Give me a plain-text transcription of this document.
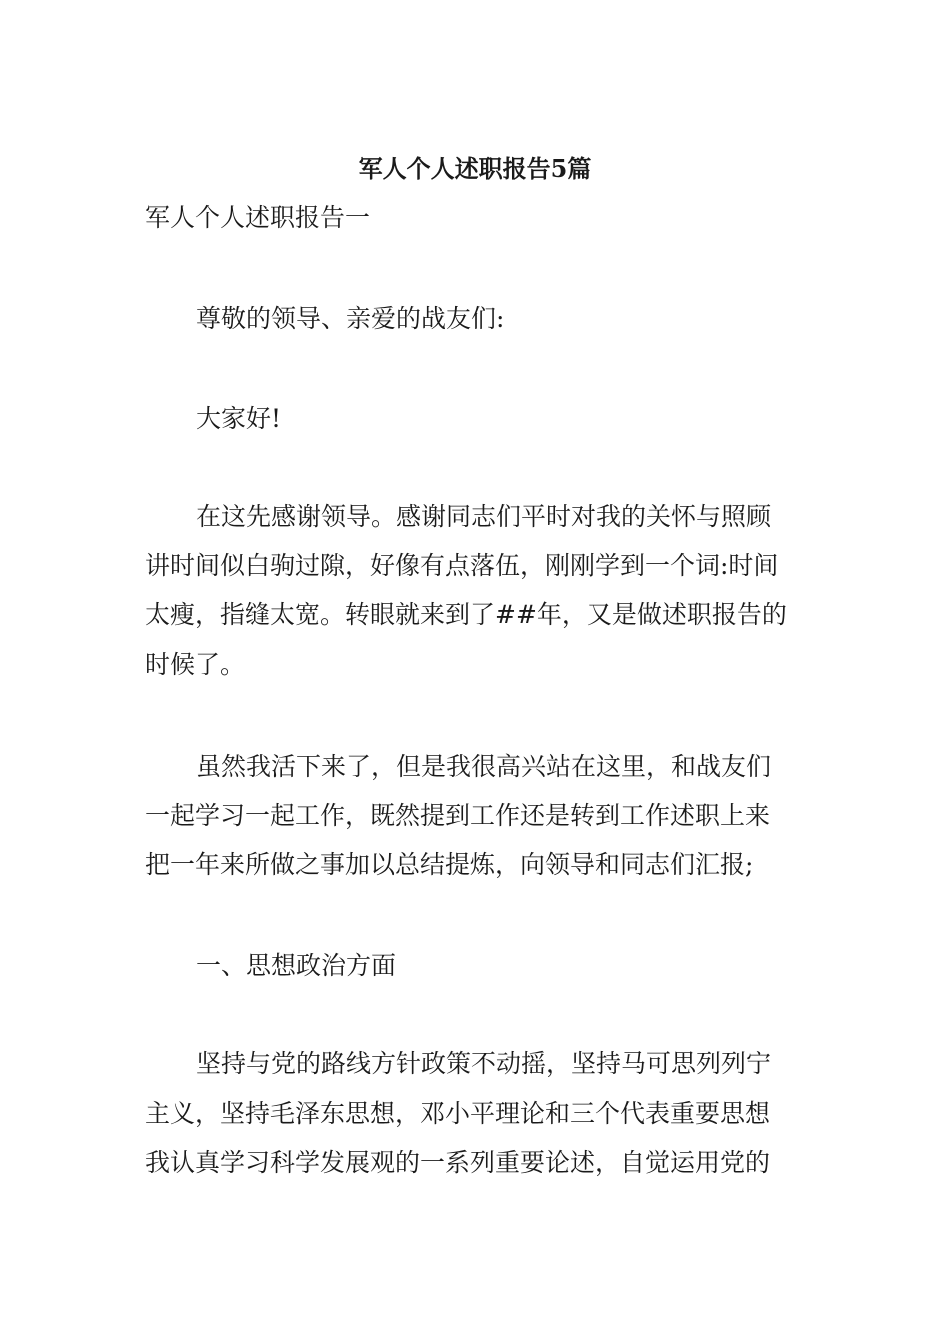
军人个人述职报告5篇

军人个人述职报告一

尊敬的领导、亲爱的战友们:

大家好!

在这先感谢领导。感谢同志们平时对我的关怀与照顾

讲时间似白驹过隙，好像有点落伍，刚刚学到一个词:时间

太瘦，指缝太宽。转眼就来到了##年，又是做述职报告的

时候了。

虽然我活下来了，但是我很高兴站在这里，和战友们

一起学习一起工作，既然提到工作还是转到工作述职上来

把一年来所做之事加以总结提炼，向领导和同志们汇报;

一、思想政治方面

坚持与党的路线方针政策不动摇，坚持马可思列列宁

主义，坚持毛泽东思想，邓小平理论和三个代表重要思想

我认真学习科学发展观的一系列重要论述，自觉运用党的
